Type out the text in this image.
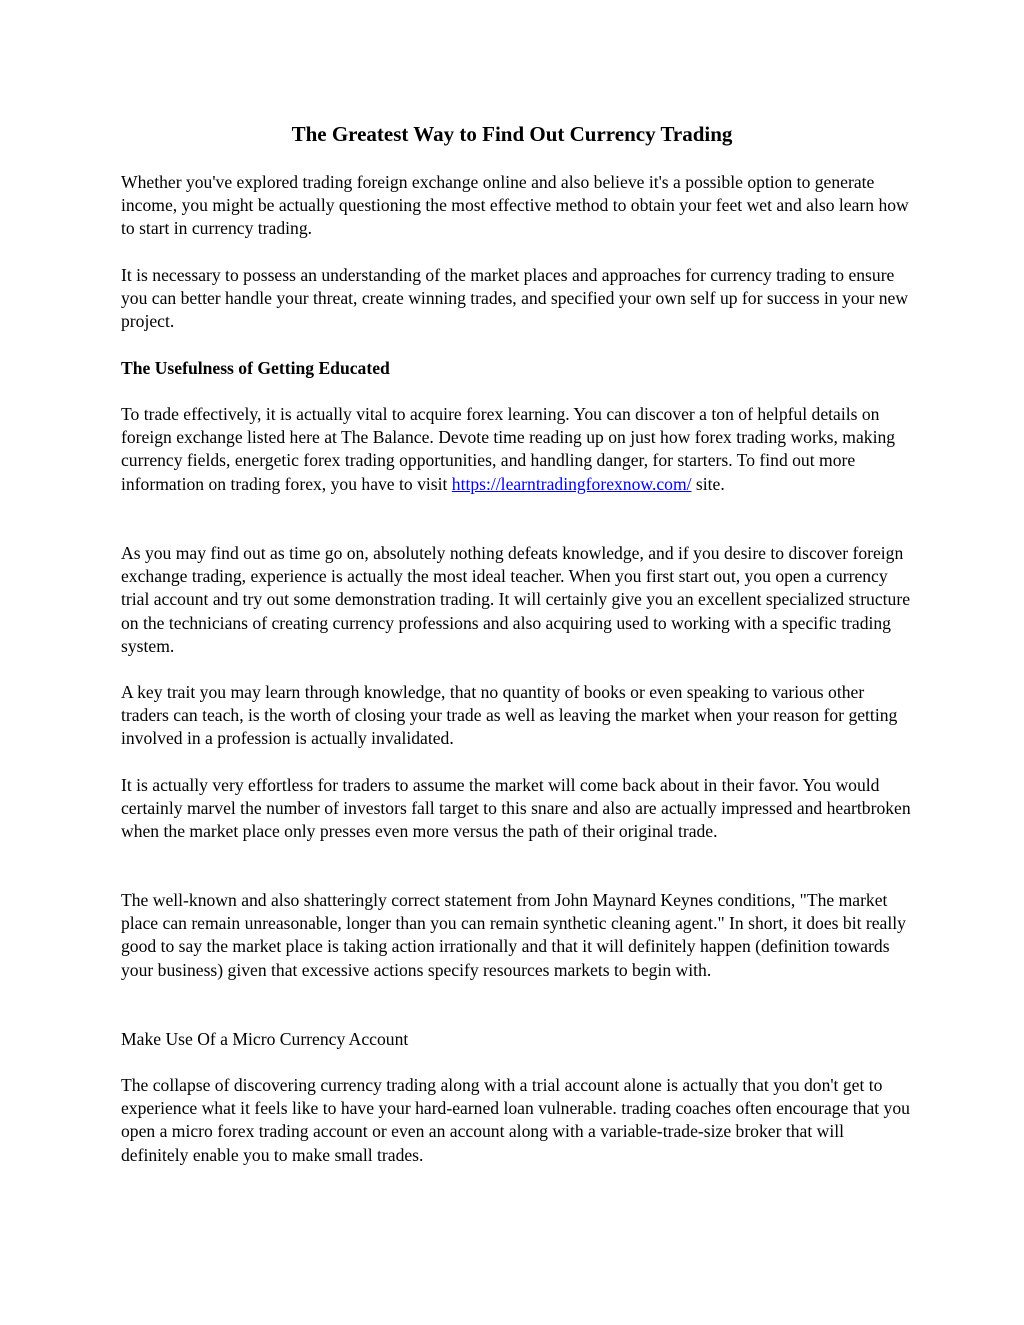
The Greatest Way to Find Out Currency Trading

Whether you've explored trading foreign exchange online and also believe it's a possible option to generate income, you might be actually questioning the most effective method to obtain your feet wet and also learn how to start in currency trading.

It is necessary to possess an understanding of the market places and approaches for currency trading to ensure you can better handle your threat, create winning trades, and specified your own self up for success in your new project.

The Usefulness of Getting Educated

To trade effectively, it is actually vital to acquire forex learning. You can discover a ton of helpful details on foreign exchange listed here at The Balance. Devote time reading up on just how forex trading works, making currency fields, energetic forex trading opportunities, and handling danger, for starters. To find out more information on trading forex, you have to visit https://learntradingforexnow.com/ site.

As you may find out as time go on, absolutely nothing defeats knowledge, and if you desire to discover foreign exchange trading, experience is actually the most ideal teacher. When you first start out, you open a currency trial account and try out some demonstration trading. It will certainly give you an excellent specialized structure on the technicians of creating currency professions and also acquiring used to working with a specific trading system.

A key trait you may learn through knowledge, that no quantity of books or even speaking to various other traders can teach, is the worth of closing your trade as well as leaving the market when your reason for getting involved in a profession is actually invalidated.

It is actually very effortless for traders to assume the market will come back about in their favor. You would certainly marvel the number of investors fall target to this snare and also are actually impressed and heartbroken when the market place only presses even more versus the path of their original trade.

The well-known and also shatteringly correct statement from John Maynard Keynes conditions, "The market place can remain unreasonable, longer than you can remain synthetic cleaning agent." In short, it does bit really good to say the market place is taking action irrationally and that it will definitely happen (definition towards your business) given that excessive actions specify resources markets to begin with.

Make Use Of a Micro Currency Account

The collapse of discovering currency trading along with a trial account alone is actually that you don't get to experience what it feels like to have your hard-earned loan vulnerable. trading coaches often encourage that you open a micro forex trading account or even an account along with a variable-trade-size broker that will definitely enable you to make small trades.
